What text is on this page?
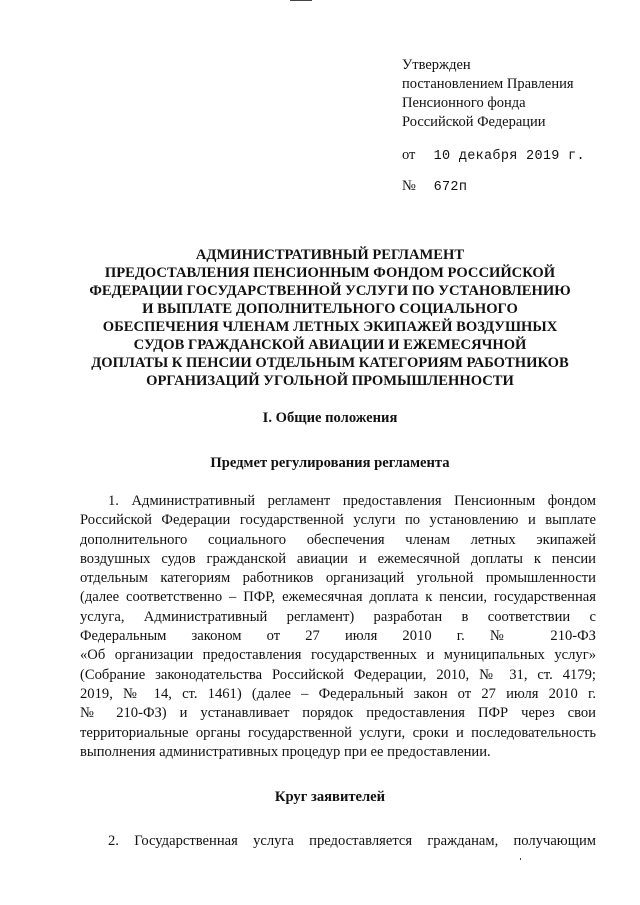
Утвержден
постановлением Правления
Пенсионного фонда
Российской Федерации
от 10 декабря 2019 г.
№ 672п
АДМИНИСТРАТИВНЫЙ РЕГЛАМЕНТ
ПРЕДОСТАВЛЕНИЯ ПЕНСИОННЫМ ФОНДОМ РОССИЙСКОЙ
ФЕДЕРАЦИИ ГОСУДАРСТВЕННОЙ УСЛУГИ ПО УСТАНОВЛЕНИЮ
И ВЫПЛАТЕ ДОПОЛНИТЕЛЬНОГО СОЦИАЛЬНОГО
ОБЕСПЕЧЕНИЯ ЧЛЕНАМ ЛЕТНЫХ ЭКИПАЖЕЙ ВОЗДУШНЫХ
СУДОВ ГРАЖДАНСКОЙ АВИАЦИИ И ЕЖЕМЕСЯЧНОЙ
ДОПЛАТЫ К ПЕНСИИ ОТДЕЛЬНЫМ КАТЕГОРИЯМ РАБОТНИКОВ
ОРГАНИЗАЦИЙ УГОЛЬНОЙ ПРОМЫШЛЕННОСТИ
I. Общие положения
Предмет регулирования регламента
1. Административный регламент предоставления Пенсионным фондом
Российской Федерации государственной услуги по установлению и выплате
дополнительного социального обеспечения членам летных экипажей
воздушных судов гражданской авиации и ежемесячной доплаты к пенсии
отдельным категориям работников организаций угольной промышленности
(далее соответственно – ПФР, ежемесячная доплата к пенсии, государственная
услуга, Административный регламент) разработан в соответствии с
Федеральным законом от 27 июля 2010 г. № 210-ФЗ
«Об организации предоставления государственных и муниципальных услуг»
(Собрание законодательства Российской Федерации, 2010, № 31, ст. 4179;
2019, № 14, ст. 1461) (далее – Федеральный закон от 27 июля 2010 г.
№ 210-ФЗ) и устанавливает порядок предоставления ПФР через свои
территориальные органы государственной услуги, сроки и последовательность
выполнения административных процедур при ее предоставлении.
Круг заявителей
2. Государственная услуга предоставляется гражданам, получающим
